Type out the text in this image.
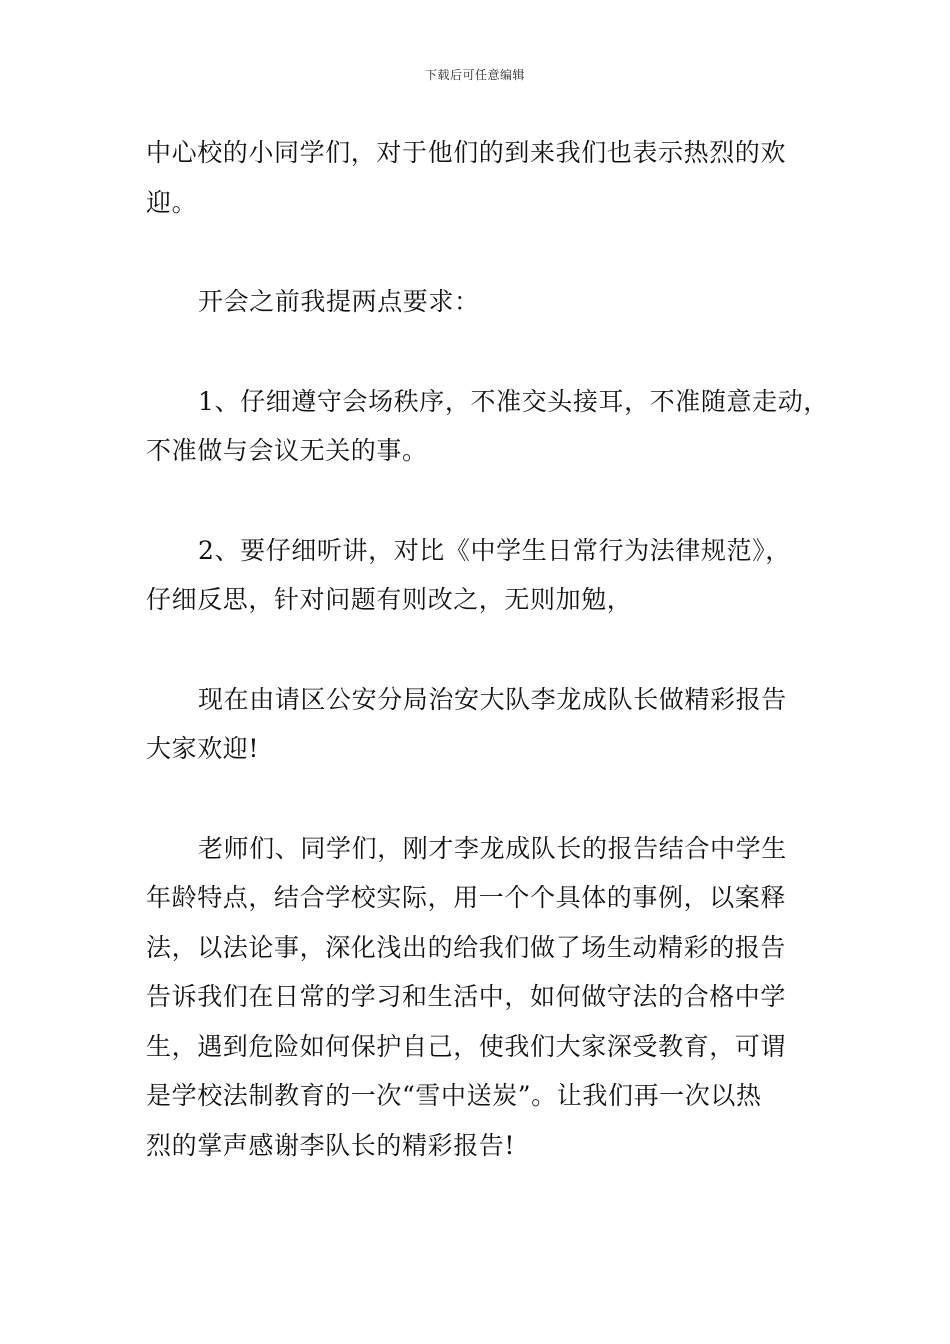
下载后可任意编辑
中心校的小同学们，对于他们的到来我们也表示热烈的欢
迎。
开会之前我提两点要求：
1、仔细遵守会场秩序，不准交头接耳，不准随意走动，
不准做与会议无关的事。
2、要仔细听讲，对比《中学生日常行为法律规范》，
仔细反思，针对问题有则改之，无则加勉，
现在由请区公安分局治安大队李龙成队长做精彩报告
大家欢迎!
老师们、同学们，刚才李龙成队长的报告结合中学生
年龄特点，结合学校实际，用一个个具体的事例，以案释
法，以法论事，深化浅出的给我们做了场生动精彩的报告
告诉我们在日常的学习和生活中，如何做守法的合格中学
生，遇到危险如何保护自己，使我们大家深受教育，可谓
是学校法制教育的一次“雪中送炭”。让我们再一次以热
烈的掌声感谢李队长的精彩报告!
